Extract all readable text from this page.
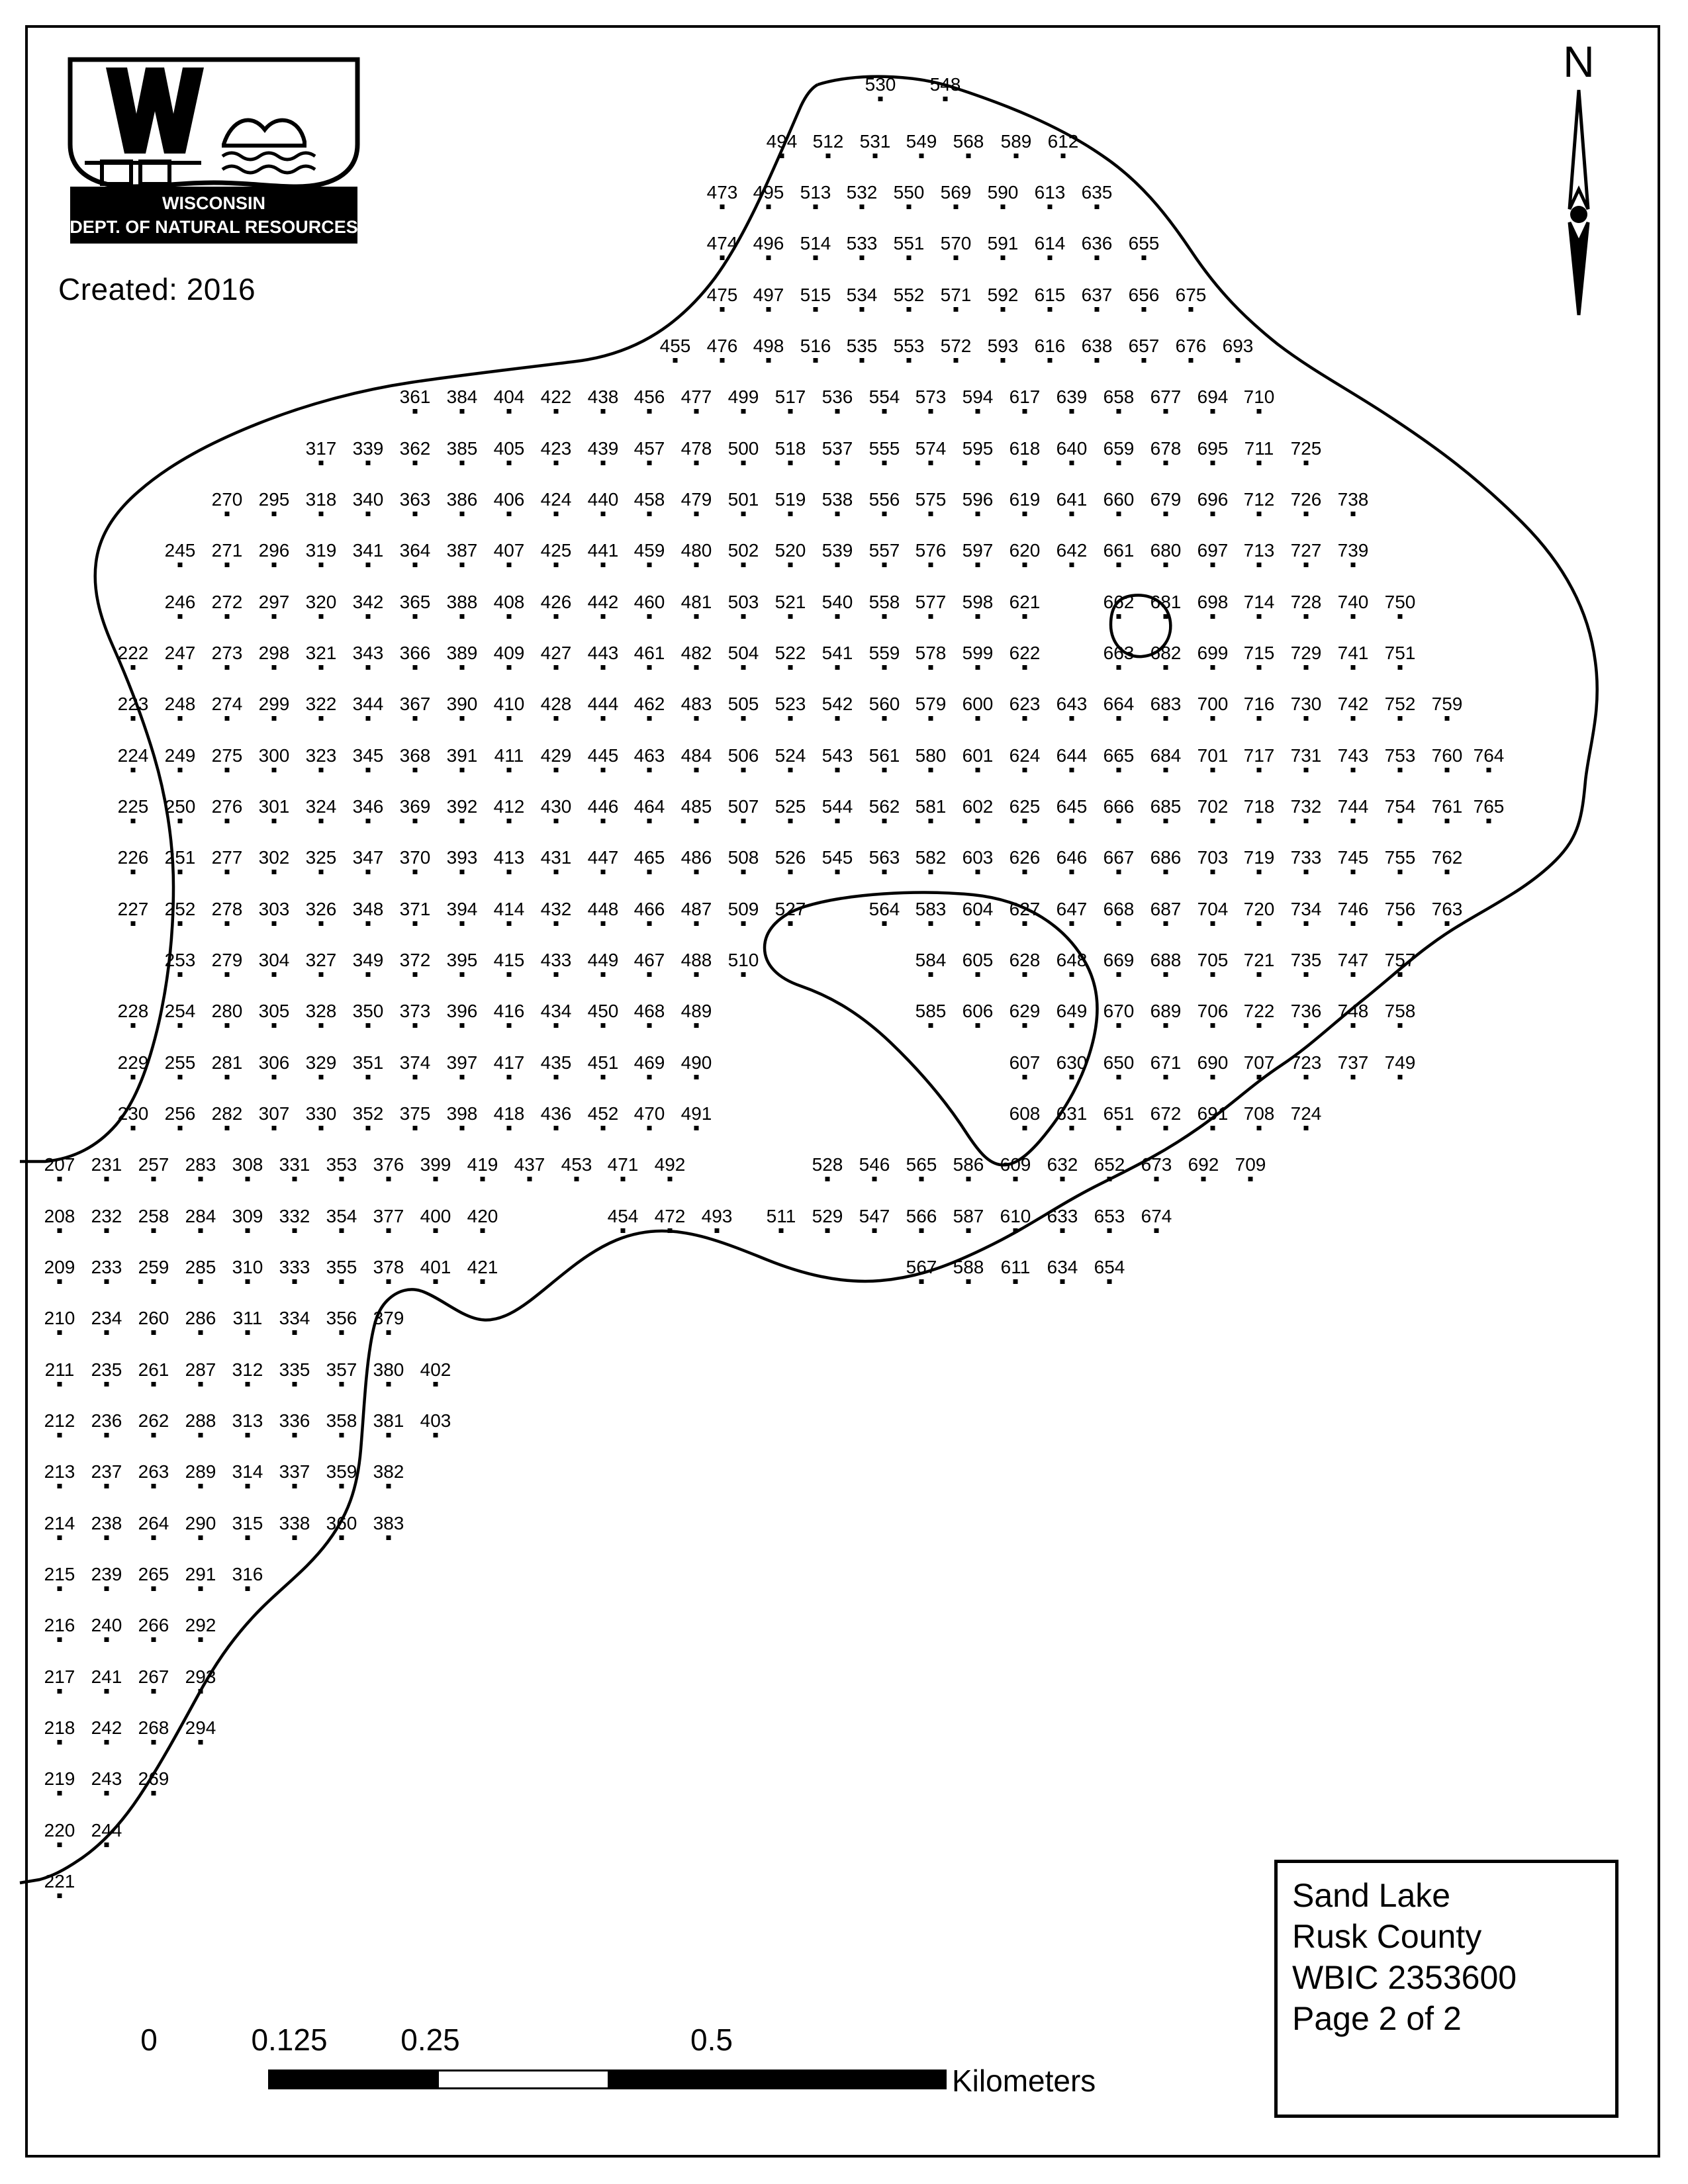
WISCONSIN
DEPT. OF NATURAL RESOURCES
Created: 2016
N
530 548
494 512 531 549 568 589 612
473 495 513 532 550 569 590 613 635
474 496 514 533 551 570 591 614 636 655
475 497 515 534 552 571 592 615 637 656 675
455 476 498 516 535 553 572 593 616 638 657 676 693
361 384 404 422 438 456 477 499 517 536 554 573 594 617 639 658 677 694 710
317 339 362 385 405 423 439 457 478 500 518 537 555 574 595 618 640 659 678 695 711 725
270 295 318 340 363 386 406 424 440 458 479 501 519 538 556 575 596 619 641 660 679 696 712 726 738
245 271 296 319 341 364 387 407 425 441 459 480 502 520 539 557 576 597 620 642 661 680 697 713 727 739
246 272 297 320 342 365 388 408 426 442 460 481 503 521 540 558 577 598 621	662 681 698 714 728 740 750
222 247 273 298 321 343 366 389 409 427 443 461 482 504 522 541 559 578 599 622	663 682 699 715 729 741 751
223 248 274 299 322 344 367 390 410 428 444 462 483 505 523 542 560 579 600 623 643 664 683 700 716 730 742 752 759
224 249 275 300 323 345 368 391 411 429 445 463 484 506 524 543 561 580 601 624 644 665 684 701 717 731 743 753 760 764
225 250 276 301 324 346 369 392 412 430 446 464 485 507 525 544 562 581 602 625 645 666 685 702 718 732 744 754 761 765
226 251 277 302 325 347 370 393 413 431 447 465 486 508 526 545 563 582 603 626 646 667 686 703 719 733 745 755 762
227 252 278 303 326 348 371 394 414 432 448 466 487 509 527	564 583 604 627 647 668 687 704 720 734 746 756 763
253 279 304 327 349 372 395 415 433 449 467 488 510	584 605 628 648 669 688 705 721 735 747 757
228 254 280 305 328 350 373 396 416 434 450 468 489	585 606 629 649 670 689 706 722 736 748 758
229 255 281 306 329 351 374 397 417 435 451 469 490	607 630 650 671 690 707 723 737 749
230 256 282 307 330 352 375 398 418 436 452 470 491	608 631 651 672 691 708 724
207 231 257 283 308 331 353 376 399 419 437 453 471 492	528 546 565 586 609 632 652 673 692 709
208 232 258 284 309 332 354 377 400 420	454 472 493 511 529 547 566 587 610 633 653 674
209 233 259 285 310 333 355 378 401 421	567 588 611 634 654
210 234 260 286 311 334 356 379
211 235 261 287 312 335 357 380 402
212 236 262 288 313 336 358 381 403
213 237 263 289 314 337 359 382
214 238 264 290 315 338 360 383
215 239 265 291 316
216 240 266 292
217 241 267 293
218 242 268 294
219 243 269
220 244
221	Sand Lake
Rusk County
WBIC 2353600
Page 2 of 2
0	0.125 0.25	0.5
Kilometers
